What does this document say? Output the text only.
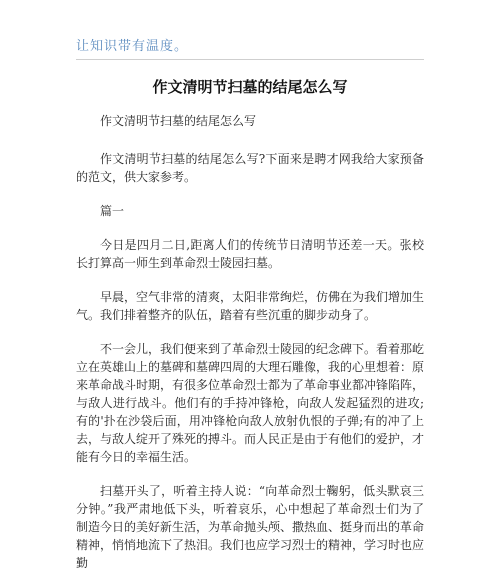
让知识带有温度。
作文清明节扫墓的结尾怎么写

作文清明节扫墓的结尾怎么写

作文清明节扫墓的结尾怎么写?下面来是聘才网我给大家预备的范文，供大家参考。

篇一

今日是四月二日,距离人们的传统节日清明节还差一天。张校长打算高一师生到革命烈士陵园扫墓。

早晨，空气非常的清爽，太阳非常绚烂，仿佛在为我们增加生气。我们排着整齐的队伍，踏着有些沉重的脚步动身了。

不一会儿，我们便来到了革命烈士陵园的纪念碑下。看着那屹立在英雄山上的墓碑和墓碑四周的大理石雕像，我的心里想着：原来革命战斗时期，有很多位革命烈士都为了革命事业都冲锋陷阵，与敌人进行战斗。他们有的手持冲锋枪，向敌人发起猛烈的进攻;有的'扑在沙袋后面，用冲锋枪向敌人放射仇恨的子弹;有的冲了上去，与敌人绽开了殊死的搏斗。而人民正是由于有他们的爱护，才能有今日的幸福生活。

扫墓开头了，听着主持人说：“向革命烈士鞠躬，低头默哀三分钟。”我严肃地低下头，听着哀乐，心中想起了革命烈士们为了制造今日的美好新生活，为革命抛头颅、撒热血、挺身而出的革命精神，悄悄地流下了热泪。我们也应学习烈士的精神，学习时也应勤
